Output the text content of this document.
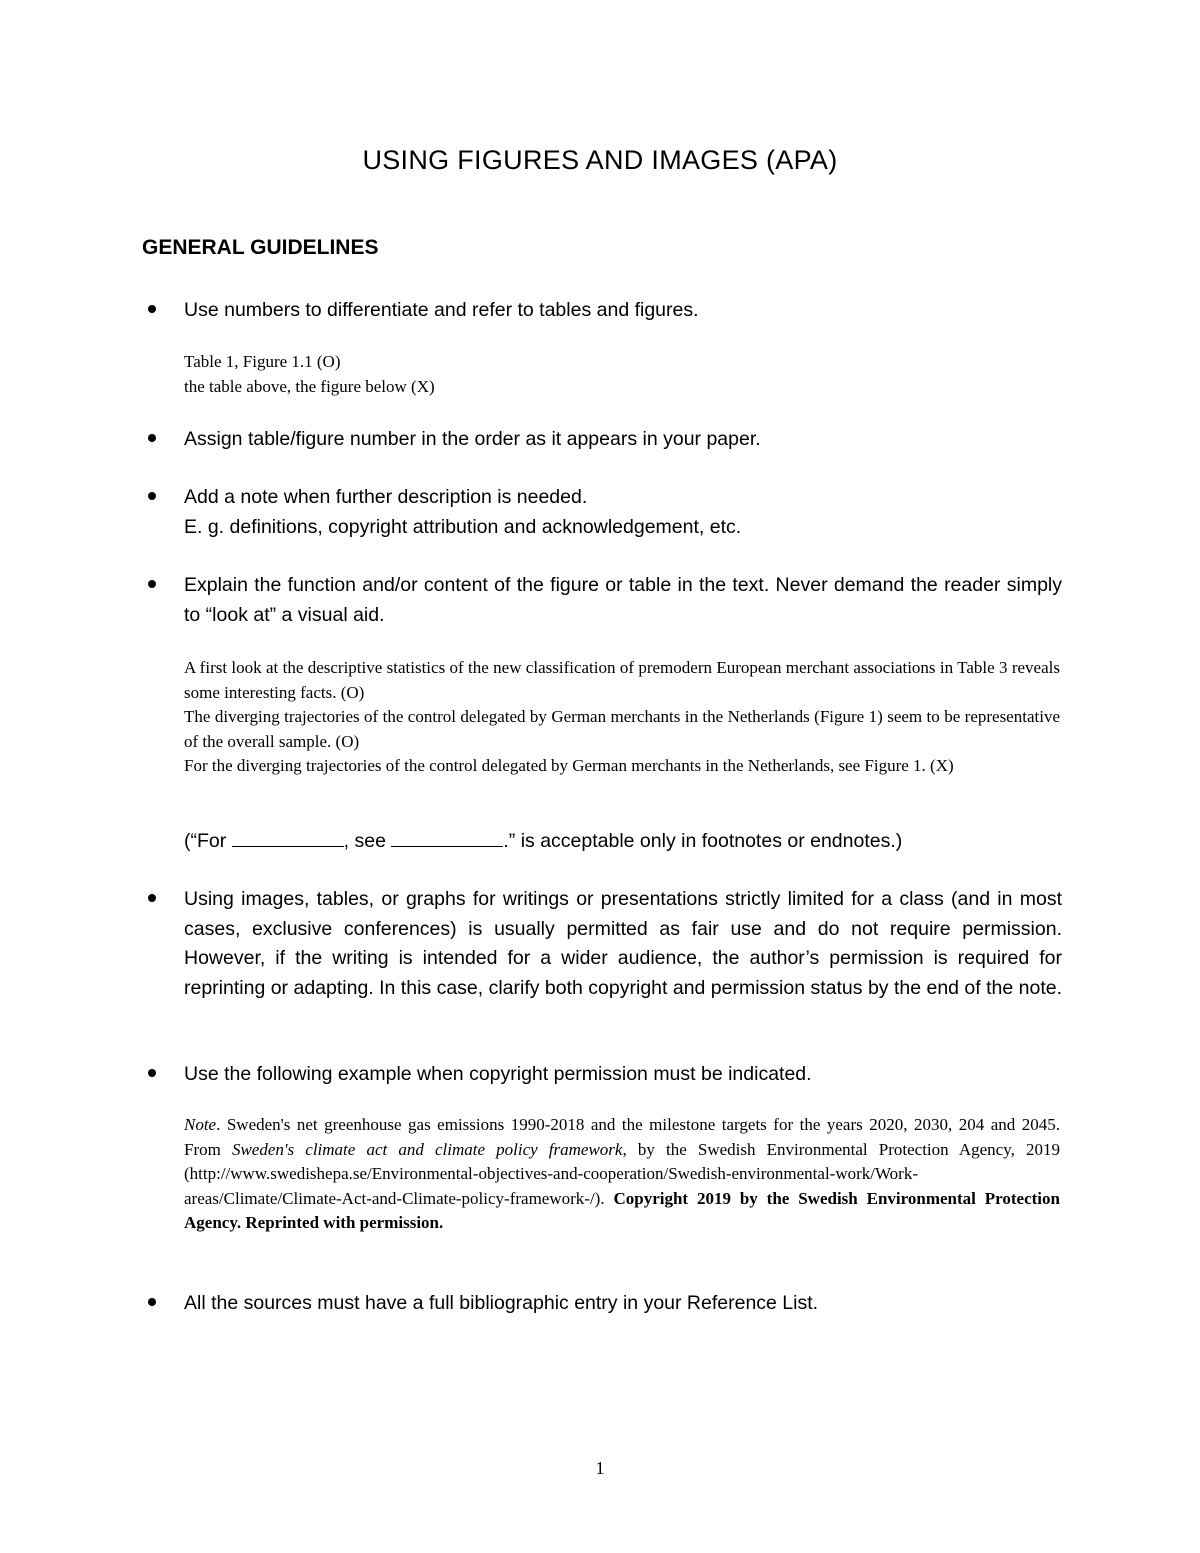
USING FIGURES AND IMAGES (APA)
GENERAL GUIDELINES
Use numbers to differentiate and refer to tables and figures.

Table 1, Figure 1.1 (O)

the table above, the figure below (X)

Assign table/figure number in the order as it appears in your paper.
Add a note when further description is needed.
E. g. definitions, copyright attribution and acknowledgement, etc.
Explain the function and/or content of the figure or table in the text. Never demand the reader simply to “look at” a visual aid.

A first look at the descriptive statistics of the new classification of premodern European merchant associations in Table 3 reveals some interesting facts. (O)

The diverging trajectories of the control delegated by German merchants in the Netherlands (Figure 1) seem to be representative of the overall sample. (O)

For the diverging trajectories of the control delegated by German merchants in the Netherlands, see Figure 1. (X)

(“For	, see	.” is acceptable only in footnotes or endnotes.)
Using images, tables, or graphs for writings or presentations strictly limited for a class (and in most cases, exclusive conferences) is usually permitted as fair use and do not require permission. However, if the writing is intended for a wider audience, the author’s permission is required for reprinting or adapting. In this case, clarify both copyright and permission status by the end of the note.
Use the following example when copyright permission must be indicated.

Note. Sweden's net greenhouse gas emissions 1990-2018 and the milestone targets for the years 2020, 2030, 204 and 2045. From Sweden's climate act and climate policy framework, by the Swedish Environmental Protection Agency, 2019 (http://www.swedishepa.se/Environmental-objectives-and-cooperation/Swedish-environmental-work/Work-areas/Climate/Climate-Act-and-Climate-policy-framework-/). Copyright 2019 by the Swedish Environmental Protection Agency. Reprinted with permission.

All the sources must have a full bibliographic entry in your Reference List.
1
